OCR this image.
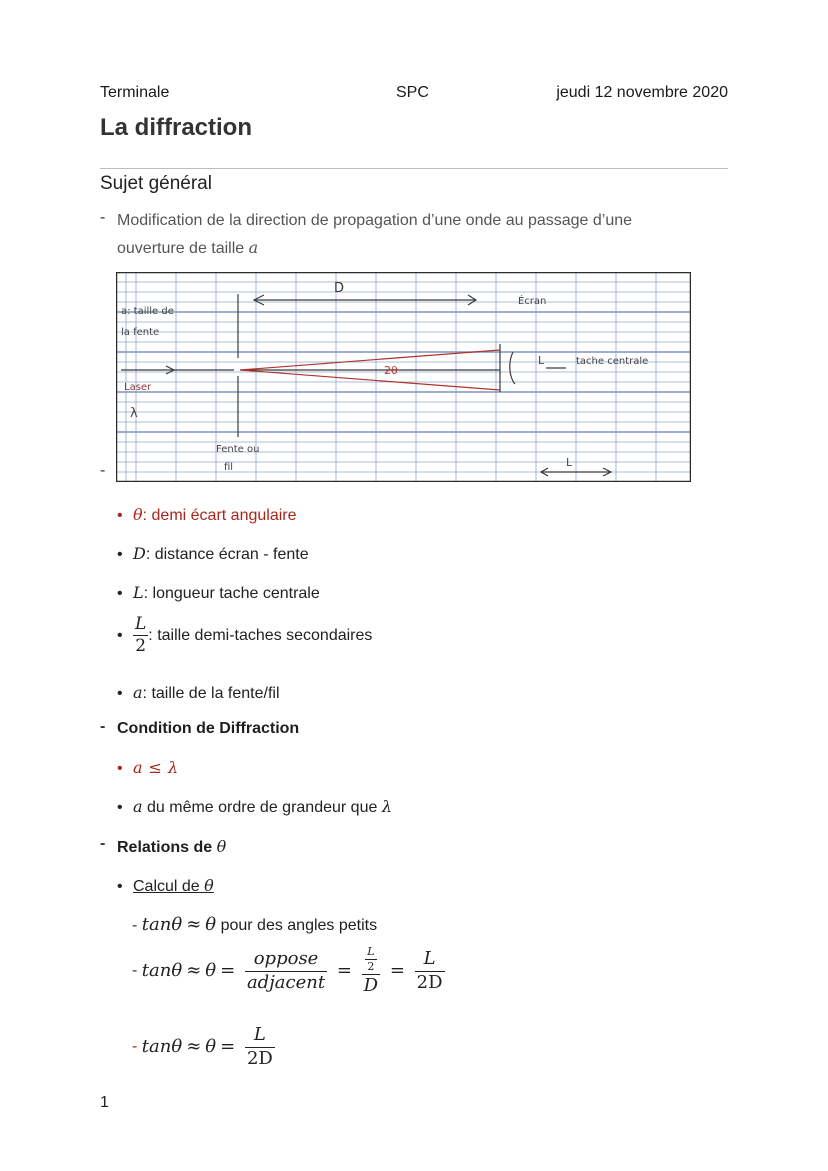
Terminale	SPC	jeudi 12 novembre 2020
La diffraction
Sujet général
- Modification de la direction de propagation d’une onde au passage d’une
ouverture de taille a
-
D
Écran
a: taille de
la fente
Laser
λ
2θ
L	tache centrale
Fente ou
fil	L
• θ: demi écart angulaire
• D: distance écran - fente
• L: longueur tache centrale
• $\frac{L}{2}$ : taille demi-taches secondaires
• a: taille de la fente/fil
- Condition de Diffraction
• a ≤ λ
• a du même ordre de grandeur que λ
- Relations de θ
• Calcul de θ
- tanθ ≈ θ pour des angles petits
- $\tan\theta \approx \theta = \frac{\text{oppose}}{\text{adjacent}} = \frac{\frac{L}{2}}{D} = \frac{L}{2D}$
- $\tan\theta \approx \theta = \frac{L}{2D}$
1
